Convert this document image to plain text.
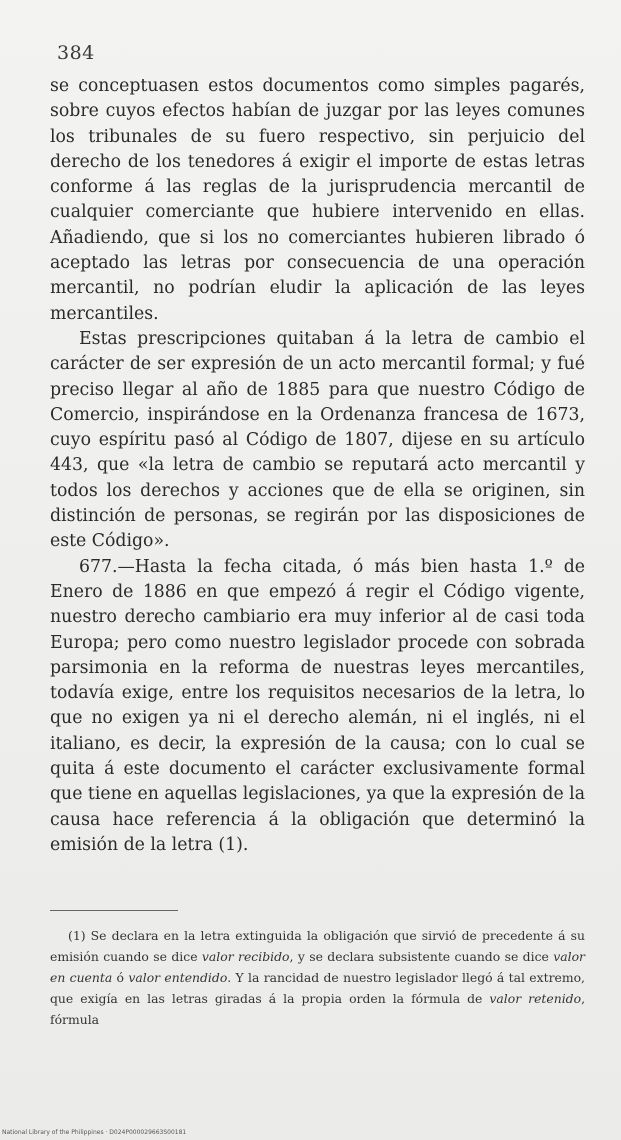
384

se conceptuasen estos documentos como simples pagarés, sobre cuyos efectos habían de juzgar por las leyes comunes los tribunales de su fuero respectivo, sin perjuicio del derecho de los tenedores á exigir el importe de estas letras conforme á las reglas de la jurisprudencia mercantil de cualquier comerciante que hubiere intervenido en ellas. Añadiendo, que si los no comerciantes hubieren librado ó aceptado las letras por consecuencia de una operación mercantil, no podrían eludir la aplicación de las leyes mercantiles.

Estas prescripciones quitaban á la letra de cambio el carácter de ser expresión de un acto mercantil formal; y fué preciso llegar al año de 1885 para que nuestro Código de Comercio, inspirándose en la Ordenanza francesa de 1673, cuyo espíritu pasó al Código de 1807, dijese en su artículo 443, que «la letra de cambio se reputará acto mercantil y todos los derechos y acciones que de ella se originen, sin distinción de personas, se regirán por las disposiciones de este Código».

677.—Hasta la fecha citada, ó más bien hasta 1.º de Enero de 1886 en que empezó á regir el Código vigente, nuestro derecho cambiario era muy inferior al de casi toda Europa; pero como nuestro legislador procede con sobrada parsimonia en la reforma de nuestras leyes mercantiles, todavía exige, entre los requisitos necesarios de la letra, lo que no exigen ya ni el derecho alemán, ni el inglés, ni el italiano, es decir, la expresión de la causa; con lo cual se quita á este documento el carácter exclusivamente formal que tiene en aquellas legislaciones, ya que la expresión de la causa hace referencia á la obligación que determinó la emisión de la letra (1).

(1) Se declara en la letra extinguida la obligación que sirvió de precedente á su emisión cuando se dice valor recibido, y se declara subsistente cuando se dice valor en cuenta ó valor entendido. Y la rancidad de nuestro legislador llegó á tal extremo, que exigía en las letras giradas á la propia orden la fórmula de valor retenido, fórmula

National Library of the Philippines · D024P000029663S00181
